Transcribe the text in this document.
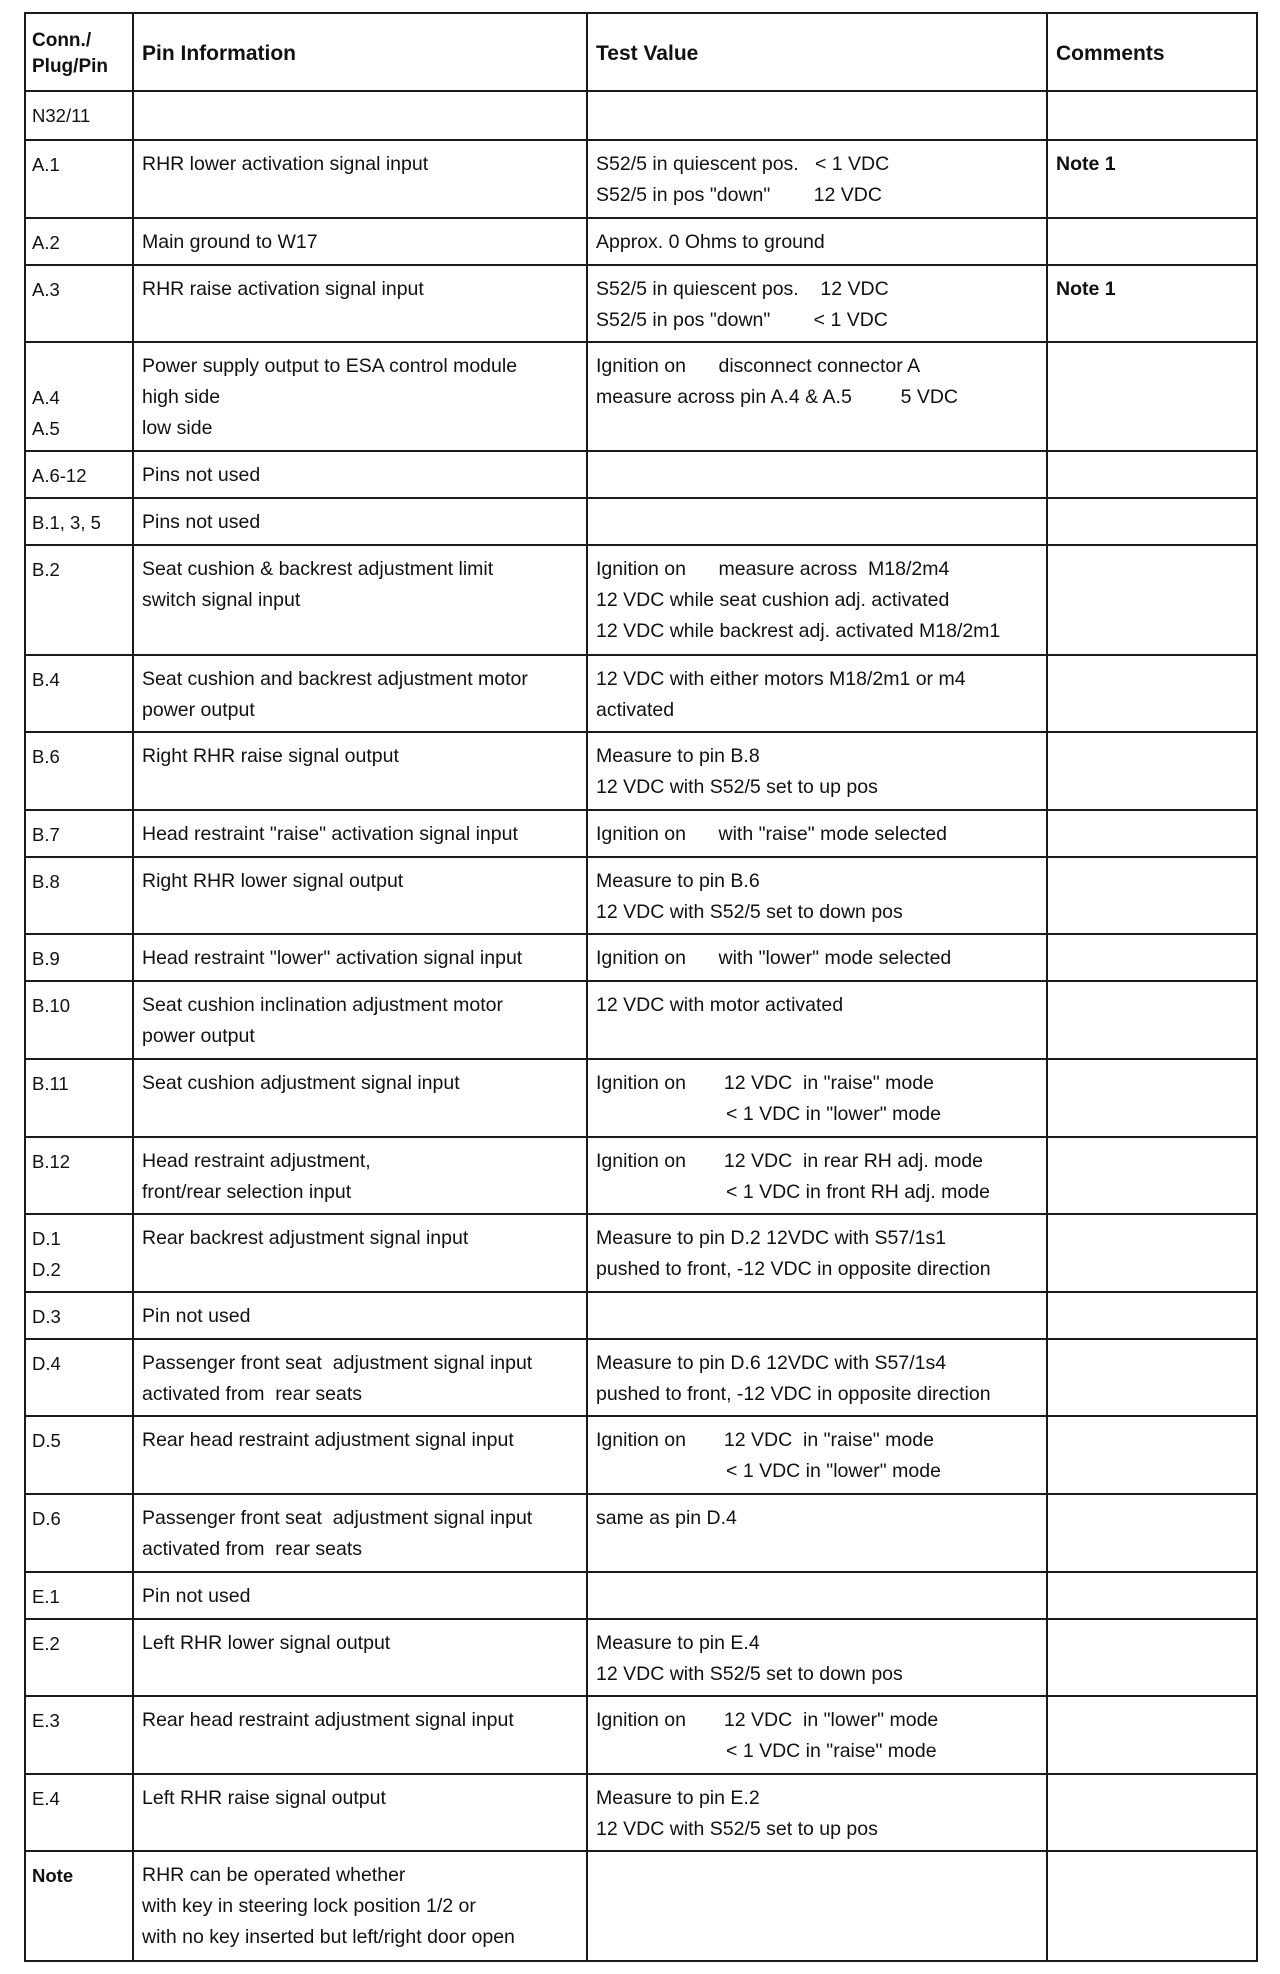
Conn./
Plug/Pin	Pin Information	Test Value	Comments

N32/11			

A.1	RHR lower activation signal input	S52/5 in quiescent pos.   < 1 VDC
S52/5 in pos "down"        12 VDC	Note 1

A.2	Main ground to W17	Approx. 0 Ohms to ground	

A.3	RHR raise activation signal input	S52/5 in quiescent pos.    12 VDC
S52/5 in pos "down"        < 1 VDC	Note 1

A.4
A.5	Power supply output to ESA control module
high side
low side	Ignition on      disconnect connector A
measure across pin A.4 & A.5         5 VDC	

A.6-12	Pins not used		

B.1, 3, 5	Pins not used		

B.2	Seat cushion & backrest adjustment limit
switch signal input	Ignition on      measure across  M18/2m4
12 VDC while seat cushion adj. activated
12 VDC while backrest adj. activated M18/2m1	

B.4	Seat cushion and backrest adjustment motor
power output	12 VDC with either motors M18/2m1 or m4
activated	

B.6	Right RHR raise signal output	Measure to pin B.8
12 VDC with S52/5 set to up pos	

B.7	Head restraint "raise" activation signal input	Ignition on      with "raise" mode selected	

B.8	Right RHR lower signal output	Measure to pin B.6
12 VDC with S52/5 set to down pos	

B.9	Head restraint "lower" activation signal input	Ignition on      with "lower" mode selected	

B.10	Seat cushion inclination adjustment motor
power output	12 VDC with motor activated	

B.11	Seat cushion adjustment signal input	Ignition on       12 VDC  in "raise" mode
< 1 VDC in "lower" mode	

B.12	Head restraint adjustment,
front/rear selection input	Ignition on       12 VDC  in rear RH adj. mode
< 1 VDC in front RH adj. mode	

D.1
D.2	Rear backrest adjustment signal input	Measure to pin D.2 12VDC with S57/1s1
pushed to front, -12 VDC in opposite direction	

D.3	Pin not used		

D.4	Passenger front seat  adjustment signal input
activated from  rear seats	Measure to pin D.6 12VDC with S57/1s4
pushed to front, -12 VDC in opposite direction	

D.5	Rear head restraint adjustment signal input	Ignition on       12 VDC  in "raise" mode
< 1 VDC in "lower" mode	

D.6	Passenger front seat  adjustment signal input
activated from  rear seats	same as pin D.4	

E.1	Pin not used		

E.2	Left RHR lower signal output	Measure to pin E.4
12 VDC with S52/5 set to down pos	

E.3	Rear head restraint adjustment signal input	Ignition on       12 VDC  in "lower" mode
< 1 VDC in "raise" mode	

E.4	Left RHR raise signal output	Measure to pin E.2
12 VDC with S52/5 set to up pos	

Note	RHR can be operated whether
with key in steering lock position 1/2 or
with no key inserted but left/right door open		
